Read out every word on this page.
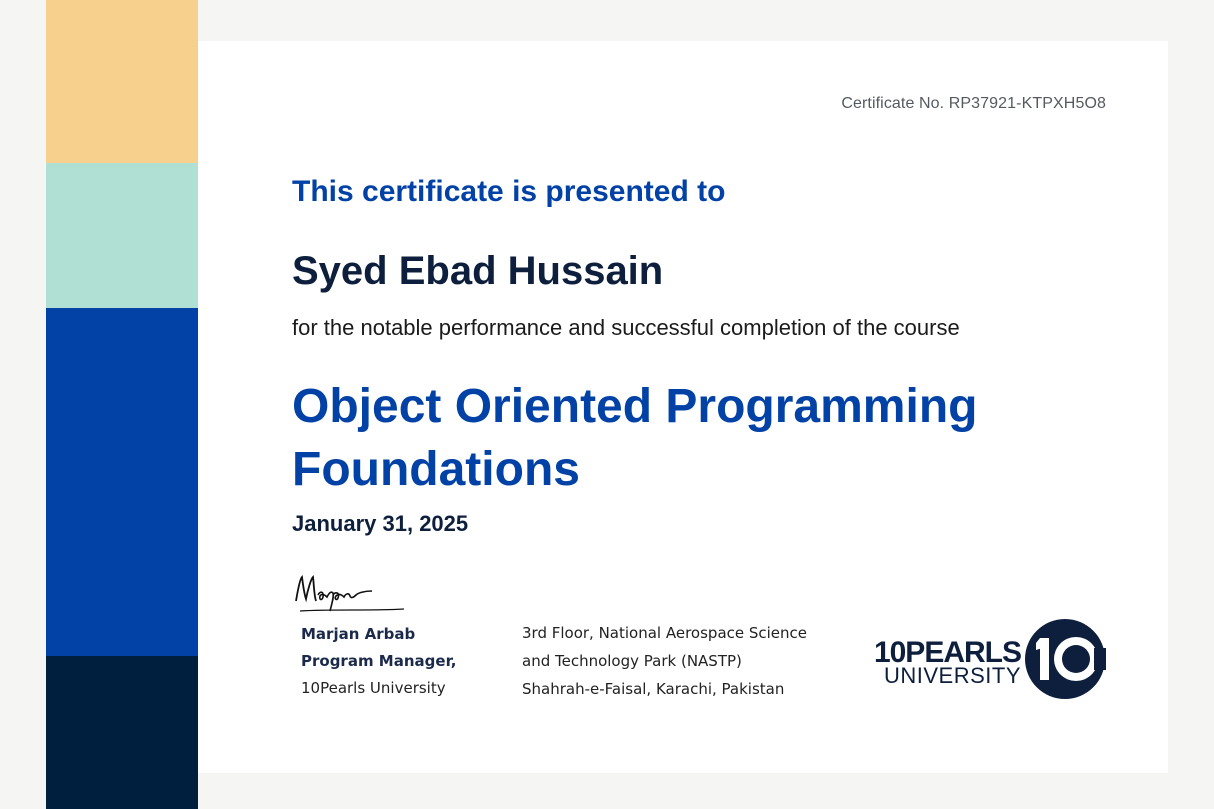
Certificate No. RP37921-KTPXH5O8
This certificate is presented to
Syed Ebad Hussain
for the notable performance and successful completion of the course
Object Oriented Programming
Foundations
January 31, 2025
Marjan Arbab
Program Manager,
10Pearls University
3rd Floor, National Aerospace Science
and Technology Park (NASTP)
Shahrah-e-Faisal, Karachi, Pakistan
10PEARLS
UNIVERSITY
